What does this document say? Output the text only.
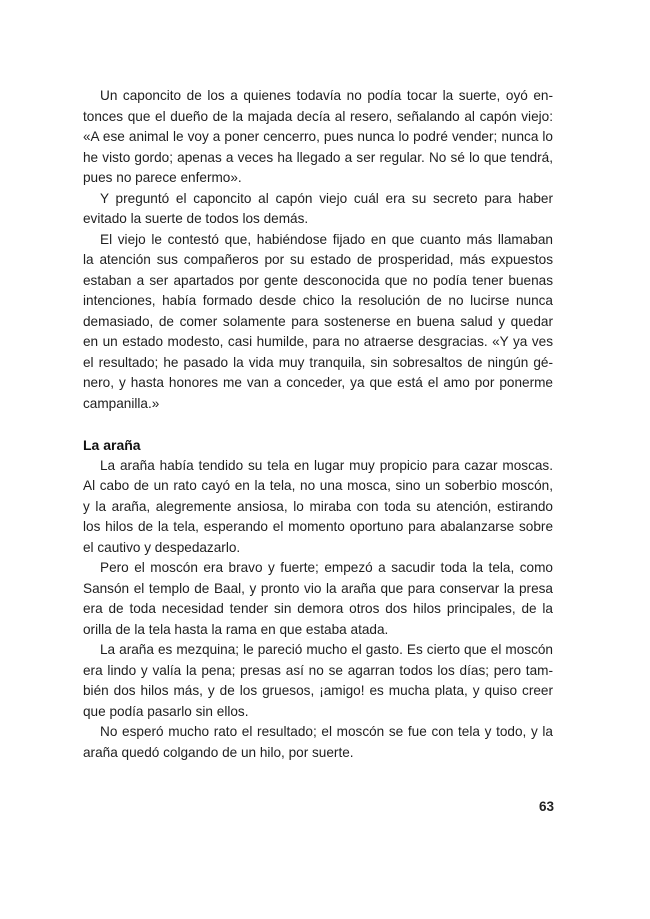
Un caponcito de los a quienes todavía no podía tocar la suerte, oyó en-
tonces que el dueño de la majada decía al resero, señalando al capón viejo:
«A ese animal le voy a poner cencerro, pues nunca lo podré vender; nunca lo
he visto gordo; apenas a veces ha llegado a ser regular. No sé lo que tendrá,
pues no parece enfermo».
Y preguntó el caponcito al capón viejo cuál era su secreto para haber
evitado la suerte de todos los demás.
El viejo le contestó que, habiéndose fijado en que cuanto más llamaban
la atención sus compañeros por su estado de prosperidad, más expuestos
estaban a ser apartados por gente desconocida que no podía tener buenas
intenciones, había formado desde chico la resolución de no lucirse nunca
demasiado, de comer solamente para sostenerse en buena salud y quedar
en un estado modesto, casi humilde, para no atraerse desgracias. «Y ya ves
el resultado; he pasado la vida muy tranquila, sin sobresaltos de ningún gé-
nero, y hasta honores me van a conceder, ya que está el amo por ponerme
campanilla.»
La araña
La araña había tendido su tela en lugar muy propicio para cazar moscas.
Al cabo de un rato cayó en la tela, no una mosca, sino un soberbio moscón,
y la araña, alegremente ansiosa, lo miraba con toda su atención, estirando
los hilos de la tela, esperando el momento oportuno para abalanzarse sobre
el cautivo y despedazarlo.
Pero el moscón era bravo y fuerte; empezó a sacudir toda la tela, como
Sansón el templo de Baal, y pronto vio la araña que para conservar la presa
era de toda necesidad tender sin demora otros dos hilos principales, de la
orilla de la tela hasta la rama en que estaba atada.
La araña es mezquina; le pareció mucho el gasto. Es cierto que el moscón
era lindo y valía la pena; presas así no se agarran todos los días; pero tam-
bién dos hilos más, y de los gruesos, ¡amigo! es mucha plata, y quiso creer
que podía pasarlo sin ellos.
No esperó mucho rato el resultado; el moscón se fue con tela y todo, y la
araña quedó colgando de un hilo, por suerte.
63
